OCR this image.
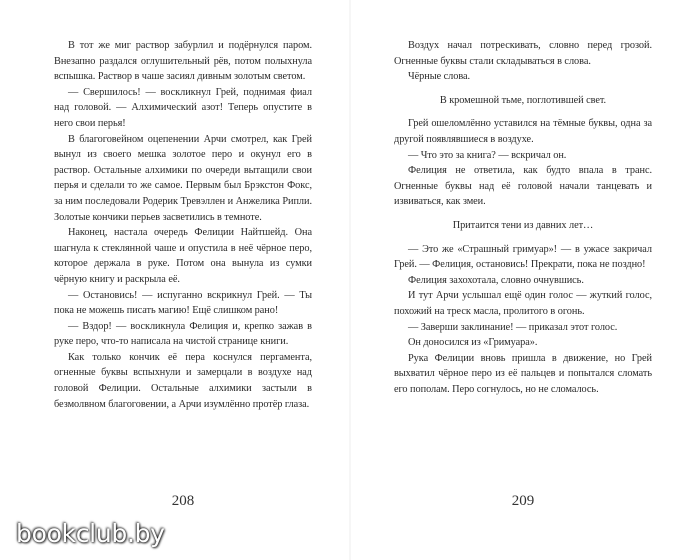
В тот же миг раствор забурлил и подёрнулся паром. Внезапно раздался оглушительный рёв, потом полыхнула вспышка. Раствор в чаше засиял дивным золотым светом.

— Свершилось! — воскликнул Грей, поднимая фиал над головой. — Алхимический азот! Теперь опустите в него свои перья!

В благоговейном оцепенении Арчи смотрел, как Грей вынул из своего мешка золотое перо и окунул его в раствор. Остальные алхимики по очереди вытащили свои перья и сделали то же самое. Первым был Брэкстон Фокс, за ним последовали Родерик Тревэллен и Анжелика Рипли. Золотые кончики перьев засветились в темноте.

Наконец, настала очередь Фелиции Найтшейд. Она шагнула к стеклянной чаше и опустила в неё чёрное перо, которое держала в руке. Потом она вынула из сумки чёрную книгу и раскрыла её.

— Остановись! — испуганно вскрикнул Грей. — Ты пока не можешь писать магию! Ещё слишком рано!

— Вздор! — воскликнула Фелиция и, крепко зажав в руке перо, что-то написала на чистой странице книги.

Как только кончик её пера коснулся пергамента, огненные буквы вспыхнули и замерцали в воздухе над головой Фелиции. Остальные алхимики застыли в безмолвном благоговении, а Арчи изумлённо протёр глаза.

208

Воздух начал потрескивать, словно перед грозой. Огненные буквы стали складываться в слова.

Чёрные слова.

В кромешной тьме, поглотившей свет.

Грей ошеломлённо уставился на тёмные буквы, одна за другой появлявшиеся в воздухе.

— Что это за книга? — вскричал он.

Фелиция не ответила, как будто впала в транс. Огненные буквы над её головой начали танцевать и извиваться, как змеи.

Притаится тени из давних лет…

— Это же «Страшный гримуар»! — в ужасе закричал Грей. — Фелиция, остановись! Прекрати, пока не поздно!

Фелиция захохотала, словно очнувшись.

И тут Арчи услышал ещё один голос — жуткий голос, похожий на треск масла, пролитого в огонь.

— Заверши заклинание! — приказал этот голос.

Он доносился из «Гримуара».

Рука Фелиции вновь пришла в движение, но Грей выхватил чёрное перо из её пальцев и попытался сломать его пополам. Перо согнулось, но не сломалось.

209
bookclub.by
